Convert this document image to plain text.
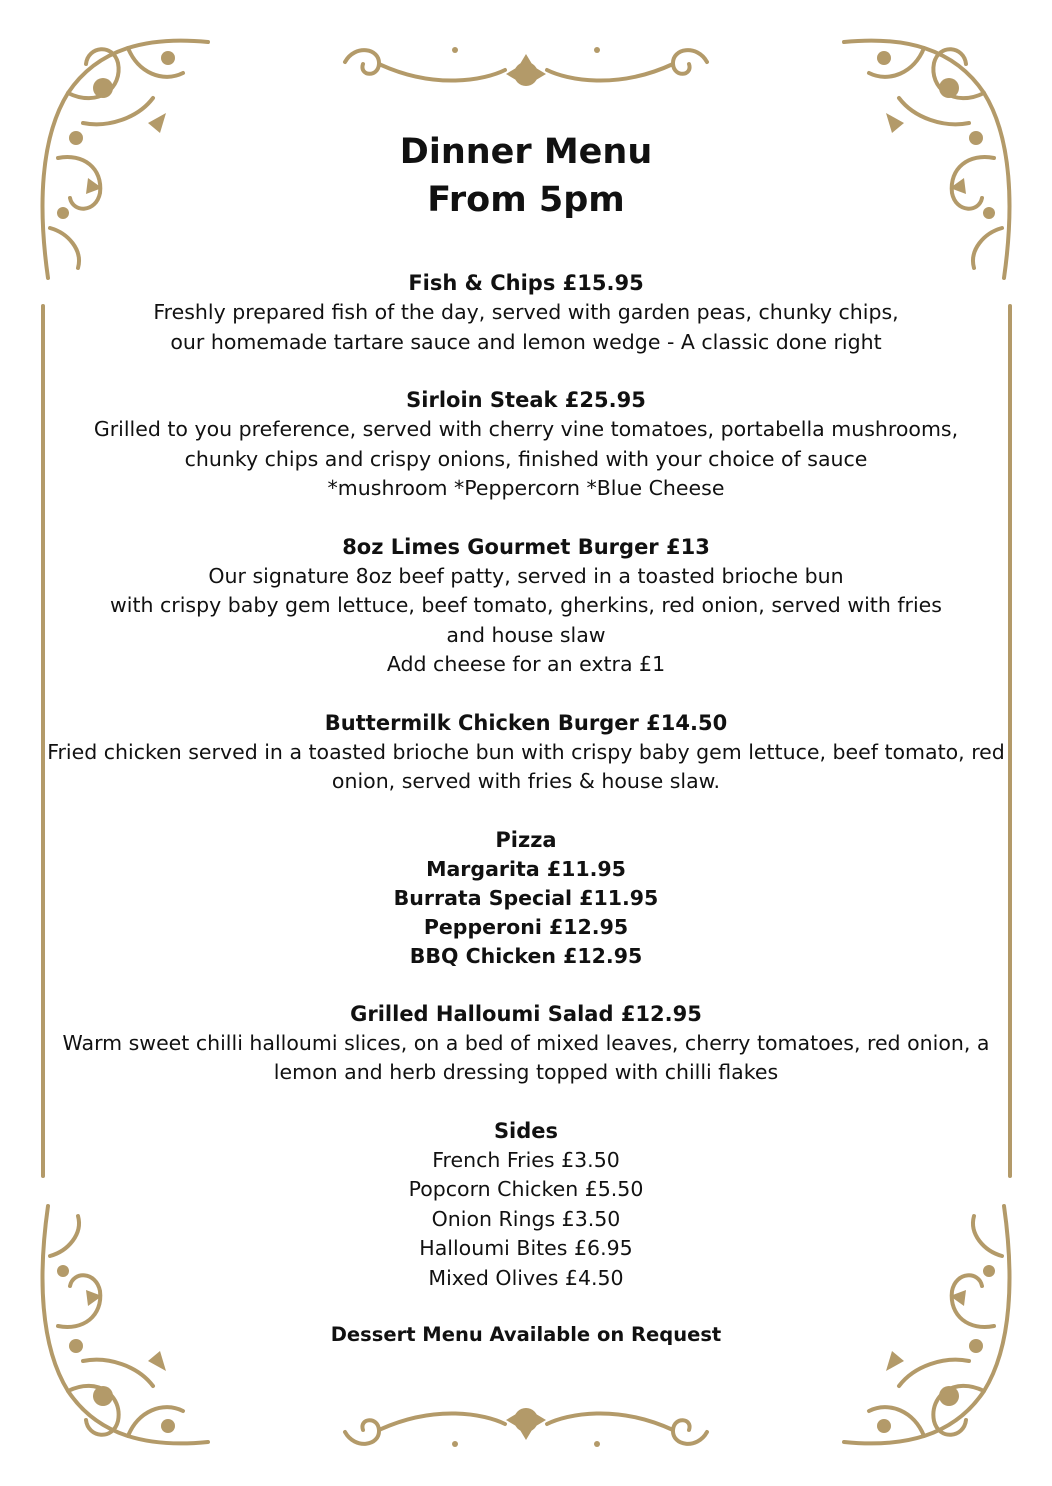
Dinner Menu
From 5pm
Fish & Chips £15.95
Freshly prepared fish of the day, served with garden peas, chunky chips,
our homemade tartare sauce and lemon wedge - A classic done right
Sirloin Steak £25.95
Grilled to you preference, served with cherry vine tomatoes, portabella mushrooms,
chunky chips and crispy onions, finished with your choice of sauce
*mushroom *Peppercorn *Blue Cheese
8oz Limes Gourmet Burger £13
Our signature 8oz beef patty, served in a toasted brioche bun
with crispy baby gem lettuce, beef tomato, gherkins, red onion, served with fries
and house slaw
Add cheese for an extra £1
Buttermilk Chicken Burger £14.50
Fried chicken served in a toasted brioche bun with crispy baby gem lettuce, beef tomato, red
onion, served with fries & house slaw.
Pizza
Margarita £11.95
Burrata Special £11.95
Pepperoni £12.95
BBQ Chicken £12.95
Grilled Halloumi Salad £12.95
Warm sweet chilli halloumi slices, on a bed of mixed leaves, cherry tomatoes, red onion, a
lemon and herb dressing topped with chilli flakes
Sides
French Fries £3.50
Popcorn Chicken £5.50
Onion Rings £3.50
Halloumi Bites £6.95
Mixed Olives £4.50
Dessert Menu Available on Request
